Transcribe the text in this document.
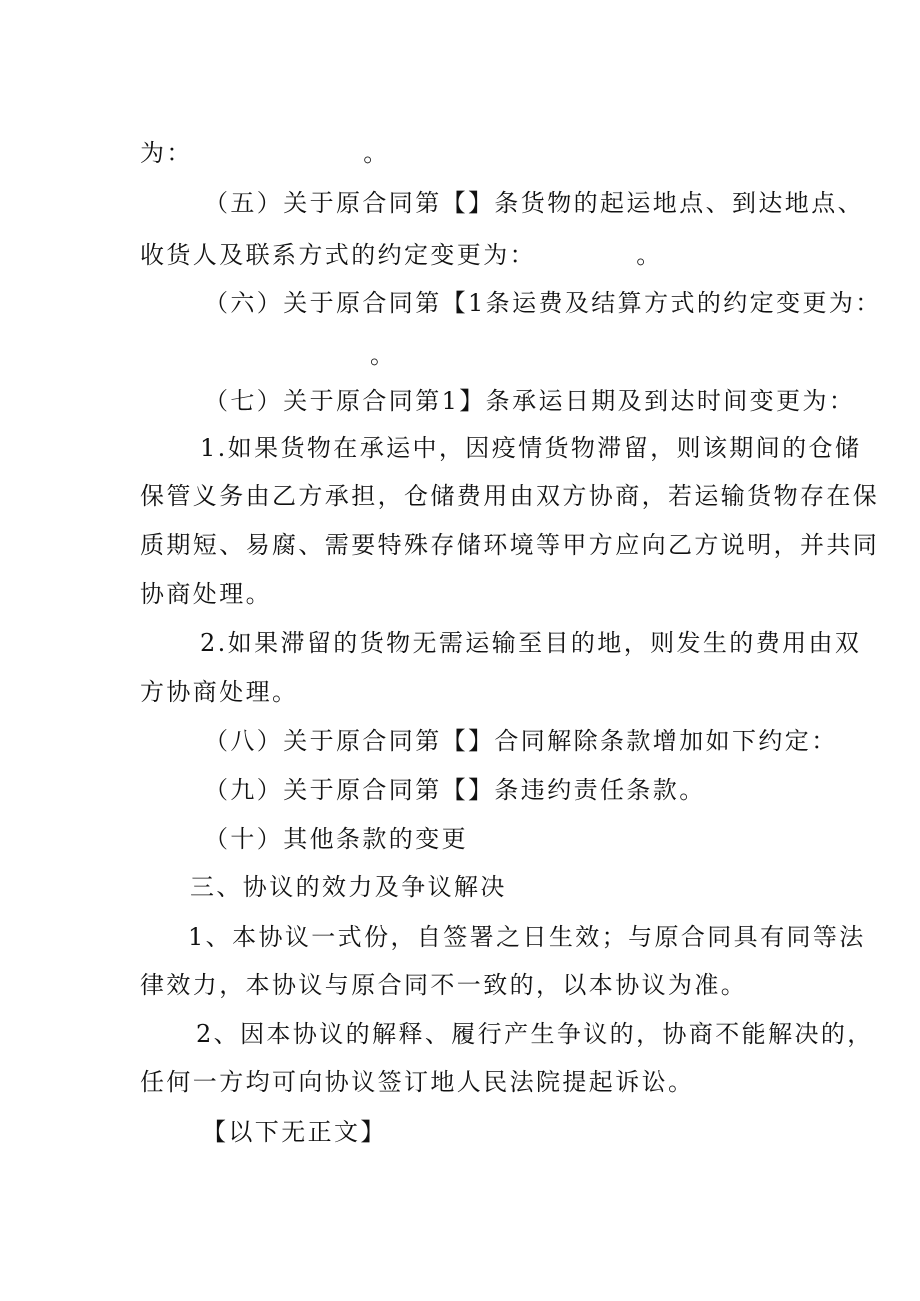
为：                 。
（五）关于原合同第【】条货物的起运地点、到达地点、
收货人及联系方式的约定变更为：          。
（六）关于原合同第【1条运费及结算方式的约定变更为：
。
（七）关于原合同第1】条承运日期及到达时间变更为：
1.如果货物在承运中，因疫情货物滞留，则该期间的仓储
保管义务由乙方承担，仓储费用由双方协商，若运输货物存在保
质期短、易腐、需要特殊存储环境等甲方应向乙方说明，并共同
协商处理。
2.如果滞留的货物无需运输至目的地，则发生的费用由双
方协商处理。
（八）关于原合同第【】合同解除条款增加如下约定：
（九）关于原合同第【】条违约责任条款。
（十）其他条款的变更
三、协议的效力及争议解决
1、本协议一式份，自签署之日生效；与原合同具有同等法
律效力，本协议与原合同不一致的，以本协议为准。
2、因本协议的解释、履行产生争议的，协商不能解决的，
任何一方均可向协议签订地人民法院提起诉讼。
【以下无正文】
